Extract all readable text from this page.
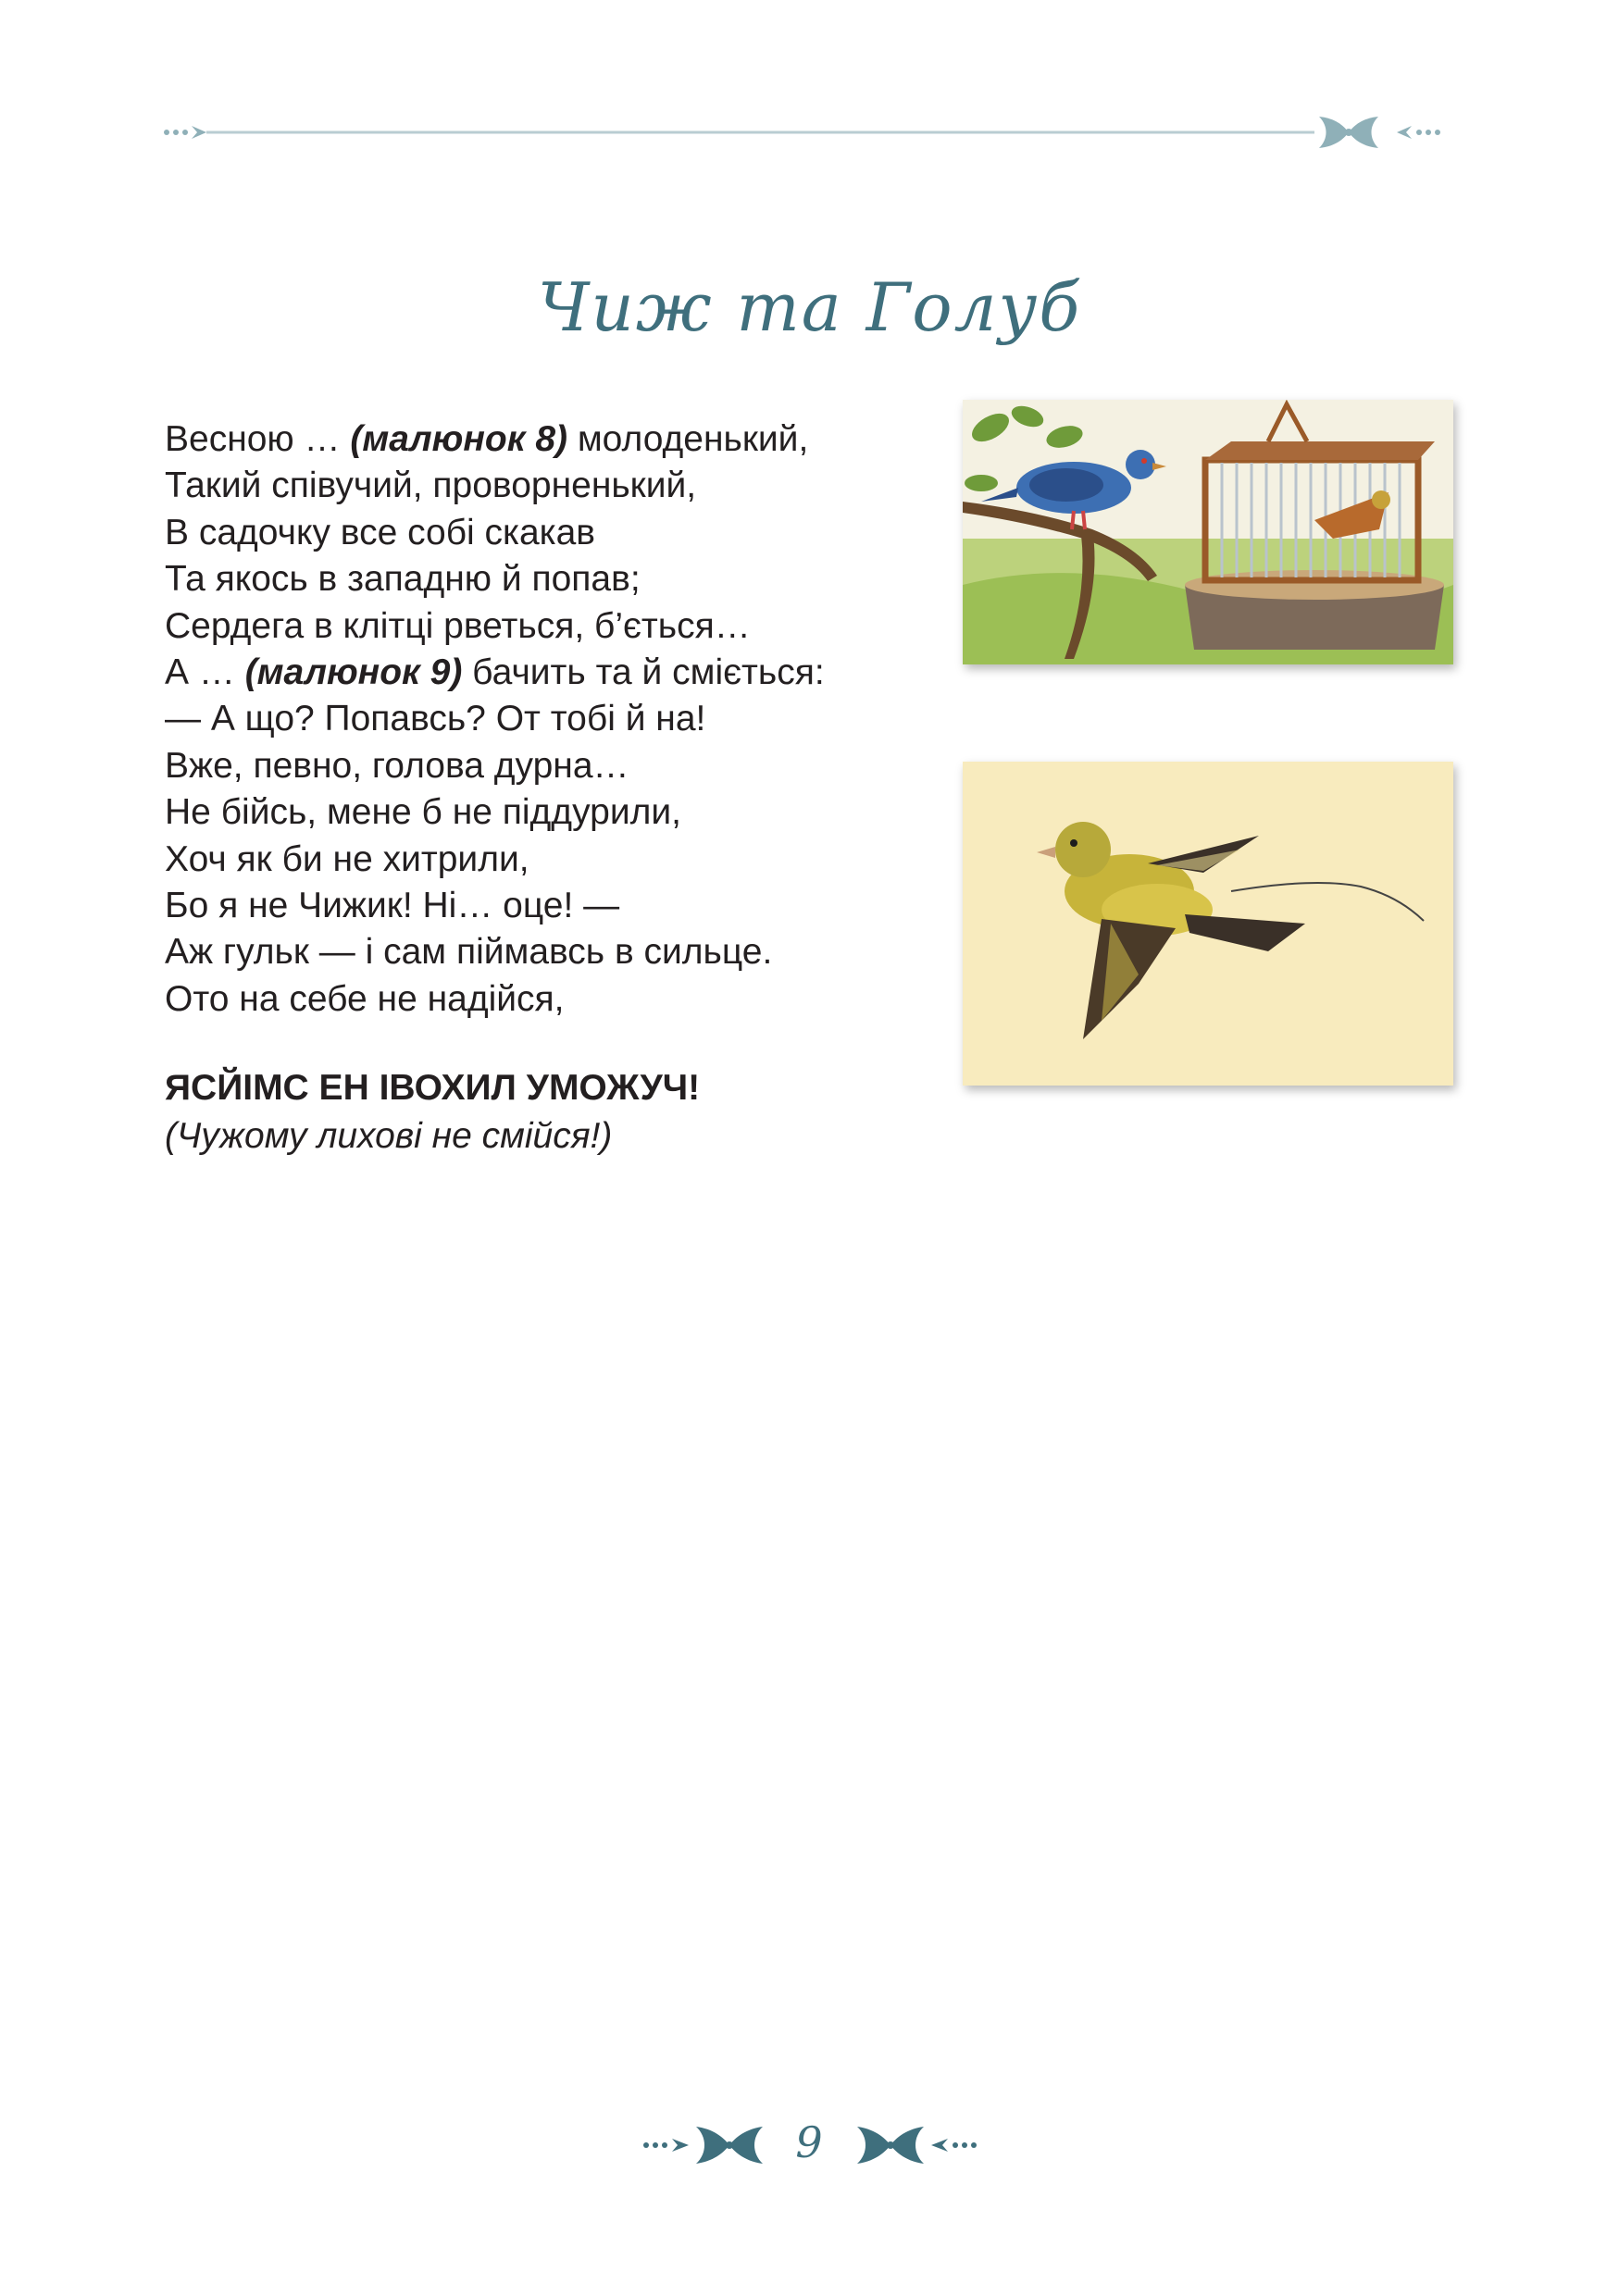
Чиж та Голуб
Весною … (малюнок 8) молоденький,
Такий співучий, проворненький,
В садочку все собі скакав
Та якось в западню й попав;
Сердега в клітці рветься, б’ється…
А … (малюнок 9) бачить та й сміється:
— А що? Попавсь? От тобі й на!
Вже, певно, голова дурна…
Не бійсь, мене б не піддурили,
Хоч як би не хитрили,
Бо я не Чижик! Ні… оце! —
Аж гульк — і сам піймавсь в сильце.
Ото на себе не надійся,
ЯСЙІМС ЕН ІВОХИЛ УМОЖУЧ!
(Чужому лихові не смійся!)
9
